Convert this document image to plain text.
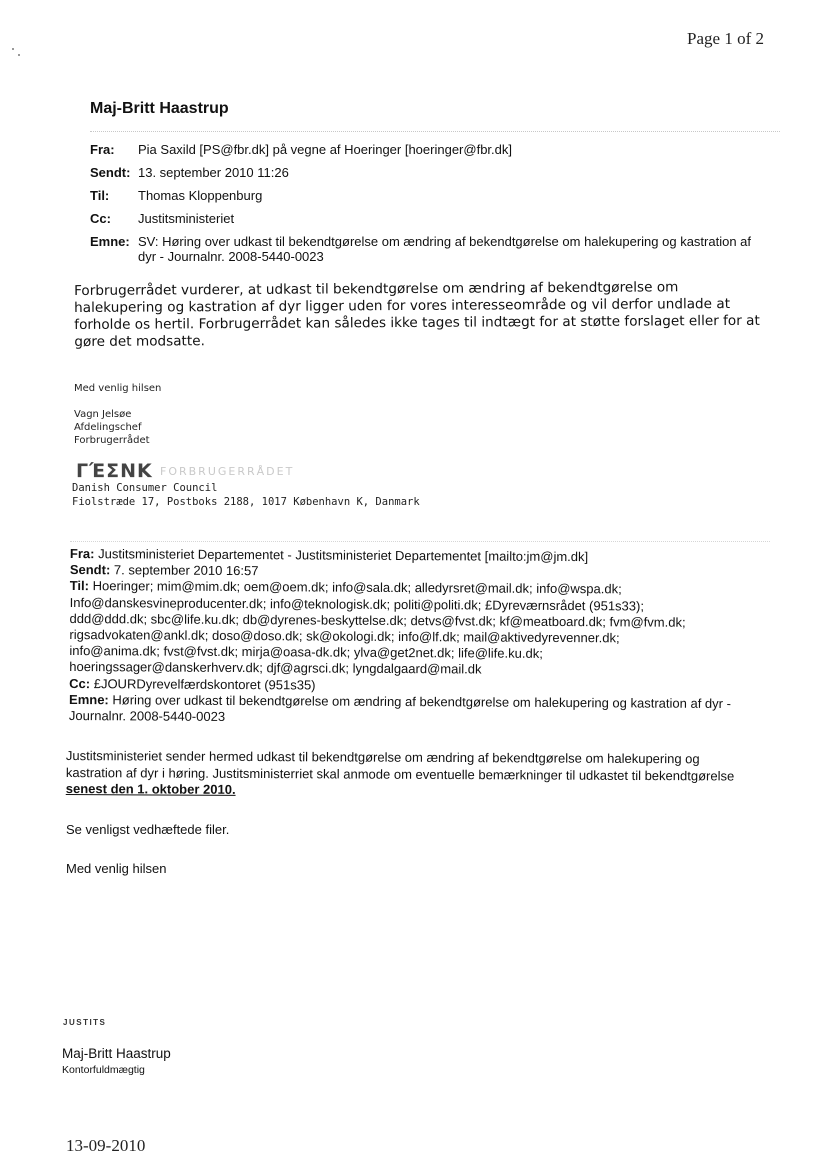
Page 1 of 2
Maj-Britt Haastrup
Fra:	Pia Saxild [PS@fbr.dk] på vegne af Hoeringer [hoeringer@fbr.dk]
Sendt: 13. september 2010 11:26
Til:	Thomas Kloppenburg
Cc:	Justitsministeriet
Emne: SV: Høring over udkast til bekendtgørelse om ændring af bekendtgørelse om halekupering og kastration af dyr - Journalnr. 2008-5440-0023
Forbrugerrådet vurderer, at udkast til bekendtgørelse om ændring af bekendtgørelse om halekupering og kastration af dyr ligger uden for vores interesseområde og vil derfor undlade at forholde os hertil. Forbrugerrådet kan således ikke tages til indtægt for at støtte forslaget eller for at gøre det modsatte.
Med venlig hilsen
Vagn Jelsøe
Afdelingschef
Forbrugerrådet
ΓΈΣΝΚ FORBRUGERRÅDET
Danish Consumer Council
Fiolstræde 17, Postboks 2188, 1017 København K, Danmark
Fra: Justitsministeriet Departementet - Justitsministeriet Departementet [mailto:jm@jm.dk]
Sendt: 7. september 2010 16:57
Til: Hoeringer; mim@mim.dk; oem@oem.dk; info@sala.dk; alledyrsret@mail.dk; info@wspa.dk;
Info@danskesvineproducenter.dk; info@teknologisk.dk; politi@politi.dk; £Dyreværnsrådet (951s33);
ddd@ddd.dk; sbc@life.ku.dk; db@dyrenes-beskyttelse.dk; detvs@fvst.dk; kf@meatboard.dk; fvm@fvm.dk;
rigsadvokaten@ankl.dk; doso@doso.dk; sk@okologi.dk; info@lf.dk; mail@aktivedyrevenner.dk;
info@anima.dk; fvst@fvst.dk; mirja@oasa-dk.dk; ylva@get2net.dk; life@life.ku.dk;
hoeringssager@danskerhverv.dk; djf@agrsci.dk; lyngdalgaard@mail.dk
Cc: £JOURDyrevelfærdskontoret (951s35)
Emne: Høring over udkast til bekendtgørelse om ændring af bekendtgørelse om halekupering og kastration af dyr - Journalnr. 2008-5440-0023
Justitsministeriet sender hermed udkast til bekendtgørelse om ændring af bekendtgørelse om halekupering og kastration af dyr i høring. Justitsministerriet skal anmode om eventuelle bemærkninger til udkastet til bekendtgørelse senest den 1. oktober 2010.
Se venligst vedhæftede filer.
Med venlig hilsen
JUSTITS
Maj-Britt Haastrup
Kontorfuldmægtig
13-09-2010
